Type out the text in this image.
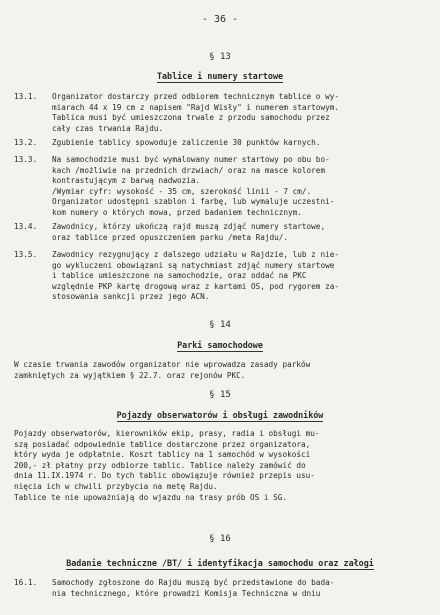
- 36 -
§ 13
Tablice i numery startowe
13.1.	Organizator dostarczy przed odbiorem technicznym tablice o wy-
miarach 44 x 19 cm z napisem "Rajd Wisły" i numerem startowym.
Tablica musi być umieszczona trwale z przodu samochodu przez
cały czas trwania Rajdu.
13.2.	Zgubienie tablicy spowoduje zaliczenie 30 punktów karnych.
13.3.	Na samochodzie musi być wymalowany numer startowy po obu bo-
kach /możliwie na przednich drzwiach/ oraz na masce kolorem
kontrastującym z barwą nadwozia.
/Wymiar cyfr: wysokość - 35 cm, szerokość linii - 7 cm/.
Organizator udostępni szablon i farbę, lub wymaluje uczestni-
kom numery o których mowa, przed badaniem technicznym.
13.4.	Zawodnicy, którzy ukończą rajd muszą zdjąć numery startowe,
oraz tablice przed opuszczeniem parku /meta Rajdu/.
13.5.	Zawodnicy rezygnujący z dalszego udziału w Rajdzie, lub z nie-
go wykluczeni obowiązani są natychmiast zdjąć numery startowe
i tablice umieszczone na samochodzie, oraz oddać na PKC
względnie PKP kartę drogową wraz z kartami OS, pod rygorem za-
stosowania sankcji przez jego ACN.
§ 14
Parki samochodowe
W czasie trwania zawodów organizator nie wprowadza zasady parków
zamkniętych za wyjątkiem § 22.7. oraz rejonów PKC.
§ 15
Pojazdy obserwatorów i obsługi zawodników
Pojazdy obserwatorów, kierowników ekip, prasy, radia i obsługi mu-
szą posiadać odpowiednie tablice dostarczone przez organizatora,
który wyda je odpłatnie. Koszt tablicy na 1 samochód w wysokości
200,- zł płatny przy odbiorze tablic. Tablice należy zamówić do
dnia 11.IX.1974 r. Do tych tablic obowiązuje również przepis usu-
nięcia ich w chwili przybycia na metę Rajdu.
Tablice te nie upoważniają do wjazdu na trasy prób OS i SG.
§ 16
Badanie techniczne /BT/ i identyfikacja samochodu oraz załogi
16.1.	Samochody zgłoszone do Rajdu muszą być przedstawione do bada-
nia technicznego, które prowadzi Komisja Techniczna w dniu
